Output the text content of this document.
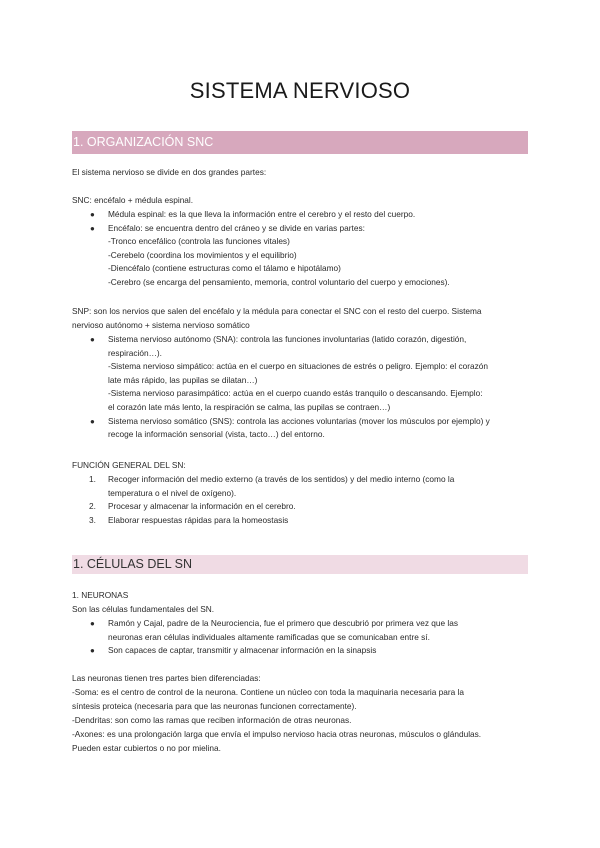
SISTEMA NERVIOSO
1. ORGANIZACIÓN SNC
El sistema nervioso se divide en dos grandes partes:
SNC: encéfalo + médula espinal.
● Médula espinal: es la que lleva la información entre el cerebro y el resto del cuerpo.
● Encéfalo: se encuentra dentro del cráneo y se divide en varias partes:
-Tronco encefálico (controla las funciones vitales)
-Cerebelo (coordina los movimientos y el equilibrio)
-Diencéfalo (contiene estructuras como el tálamo e hipotálamo)
-Cerebro (se encarga del pensamiento, memoria, control voluntario del cuerpo y emociones).
SNP: son los nervios que salen del encéfalo y la médula para conectar el SNC con el resto del cuerpo. Sistema
nervioso autónomo + sistema nervioso somático
● Sistema nervioso autónomo (SNA): controla las funciones involuntarias (latido corazón, digestión,
respiración…).
-Sistema nervioso simpático: actúa en el cuerpo en situaciones de estrés o peligro. Ejemplo: el corazón
late más rápido, las pupilas se dilatan…)
-Sistema nervioso parasimpático: actúa en el cuerpo cuando estás tranquilo o descansando. Ejemplo:
el corazón late más lento, la respiración se calma, las pupilas se contraen…)
● Sistema nervioso somático (SNS): controla las acciones voluntarias (mover los músculos por ejemplo) y
recoge la información sensorial (vista, tacto…) del entorno.
FUNCIÓN GENERAL DEL SN:
1. Recoger información del medio externo (a través de los sentidos) y del medio interno (como la
temperatura o el nivel de oxígeno).
2. Procesar y almacenar la información en el cerebro.
3. Elaborar respuestas rápidas para la homeostasis
1. CÉLULAS DEL SN
1. NEURONAS
Son las células fundamentales del SN.
● Ramón y Cajal, padre de la Neurociencia, fue el primero que descubrió por primera vez que las
neuronas eran células individuales altamente ramificadas que se comunicaban entre sí.
● Son capaces de captar, transmitir y almacenar información en la sinapsis
Las neuronas tienen tres partes bien diferenciadas:
-Soma: es el centro de control de la neurona. Contiene un núcleo con toda la maquinaria necesaria para la
síntesis proteica (necesaria para que las neuronas funcionen correctamente).
-Dendritas: son como las ramas que reciben información de otras neuronas.
-Axones: es una prolongación larga que envía el impulso nervioso hacia otras neuronas, músculos o glándulas.
Pueden estar cubiertos o no por mielina.
